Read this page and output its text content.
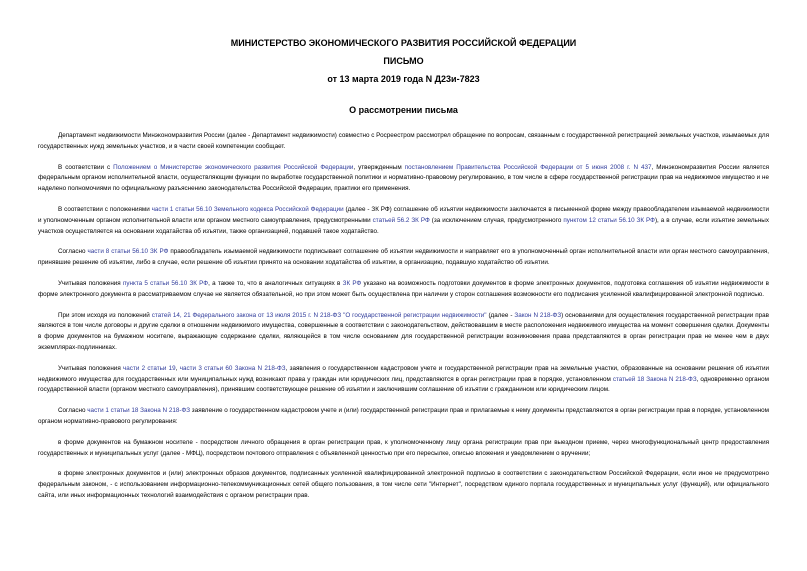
МИНИСТЕРСТВО ЭКОНОМИЧЕСКОГО РАЗВИТИЯ РОССИЙСКОЙ ФЕДЕРАЦИИ
ПИСЬМО
от 13 марта 2019 года N Д23и-7823
О рассмотрении письма

Департамент недвижимости Минэкономразвития России (далее - Департамент недвижимости) совместно с Росреестром рассмотрел обращение по вопросам, связанным с государственной регистрацией земельных участков, изымаемых для государственных нужд земельных участков, и в части своей компетенции сообщает.

В соответствии с Положением о Министерстве экономического развития Российской Федерации, утвержденным постановлением Правительства Российской Федерации от 5 июня 2008 г. N 437, Минэкономразвития России является федеральным органом исполнительной власти, осуществляющим функции по выработке государственной политики и нормативно-правовому регулированию, в том числе в сфере государственной регистрации прав на недвижимое имущество и не наделено полномочиями по официальному разъяснению законодательства Российской Федерации, практики его применения.

В соответствии с положениями части 1 статьи 56.10 Земельного кодекса Российской Федерации (далее - ЗК РФ) соглашение об изъятии недвижимости заключается в письменной форме между правообладателем изымаемой недвижимости и уполномоченным органом исполнительной власти или органом местного самоуправления, предусмотренными статьей 56.2 ЗК РФ (за исключением случая, предусмотренного пунктом 12 статьи 56.10 ЗК РФ), а в случае, если изъятие земельных участков осуществляется на основании ходатайства об изъятии, также организацией, подавшей такое ходатайство.

Согласно части 8 статьи 56.10 ЗК РФ правообладатель изымаемой недвижимости подписывает соглашение об изъятии недвижимости и направляет его в уполномоченный орган исполнительной власти или орган местного самоуправления, принявшие решение об изъятии, либо в случае, если решение об изъятии принято на основании ходатайства об изъятии, в организацию, подавшую ходатайство об изъятии.

Учитывая положения пункта 5 статьи 56.10 ЗК РФ, а также то, что в аналогичных ситуациях в ЗК РФ указано на возможность подготовки документов в форме электронных документов, подготовка соглашения об изъятии недвижимости в форме электронного документа в рассматриваемом случае не является обязательной, но при этом может быть осуществлена при наличии у сторон соглашения возможности его подписания усиленной квалифицированной электронной подписью.

При этом исходя из положений статей 14, 21 Федерального закона от 13 июля 2015 г. N 218-ФЗ "О государственной регистрации недвижимости" (далее - Закон N 218-ФЗ) основаниями для осуществления государственной регистрации прав являются в том числе договоры и другие сделки в отношении недвижимого имущества, совершенные в соответствии с законодательством, действовавшим в месте расположения недвижимого имущества на момент совершения сделки. Документы в форме документов на бумажном носителе, выражающие содержание сделки, являющейся в том числе основанием для государственной регистрации возникновения права представляются в орган регистрации прав не менее чем в двух экземплярах-подлинниках.

Учитывая положения части 2 статьи 19, части 3 статьи 60 Закона N 218-ФЗ, заявления о государственном кадастровом учете и государственной регистрации прав на земельные участки, образованные на основании решения об изъятии недвижимого имущества для государственных или муниципальных нужд возникают права у граждан или юридических лиц, представляются в орган регистрации прав в порядке, установленном статьей 18 Закона N 218-ФЗ, одновременно органом государственной власти (органом местного самоуправления), принявшим соответствующее решение об изъятии и заключившим соглашение об изъятии с гражданином или юридическим лицом.

Согласно части 1 статьи 18 Закона N 218-ФЗ заявление о государственном кадастровом учете и (или) государственной регистрации прав и прилагаемые к нему документы представляются в орган регистрации прав в порядке, установленном органом нормативно-правового регулирования:

в форме документов на бумажном носителе - посредством личного обращения в орган регистрации прав, к уполномоченному лицу органа регистрации прав при выездном приеме, через многофункциональный центр предоставления государственных и муниципальных услуг (далее - МФЦ), посредством почтового отправления с объявленной ценностью при его пересылке, описью вложения и уведомлением о вручении;

в форме электронных документов и (или) электронных образов документов, подписанных усиленной квалифицированной электронной подписью в соответствии с законодательством Российской Федерации, если иное не предусмотрено федеральным законом, - с использованием информационно-телекоммуникационных сетей общего пользования, в том числе сети "Интернет", посредством единого портала государственных и муниципальных услуг (функций), или официального сайта, или иных информационных технологий взаимодействия с органом регистрации прав.
